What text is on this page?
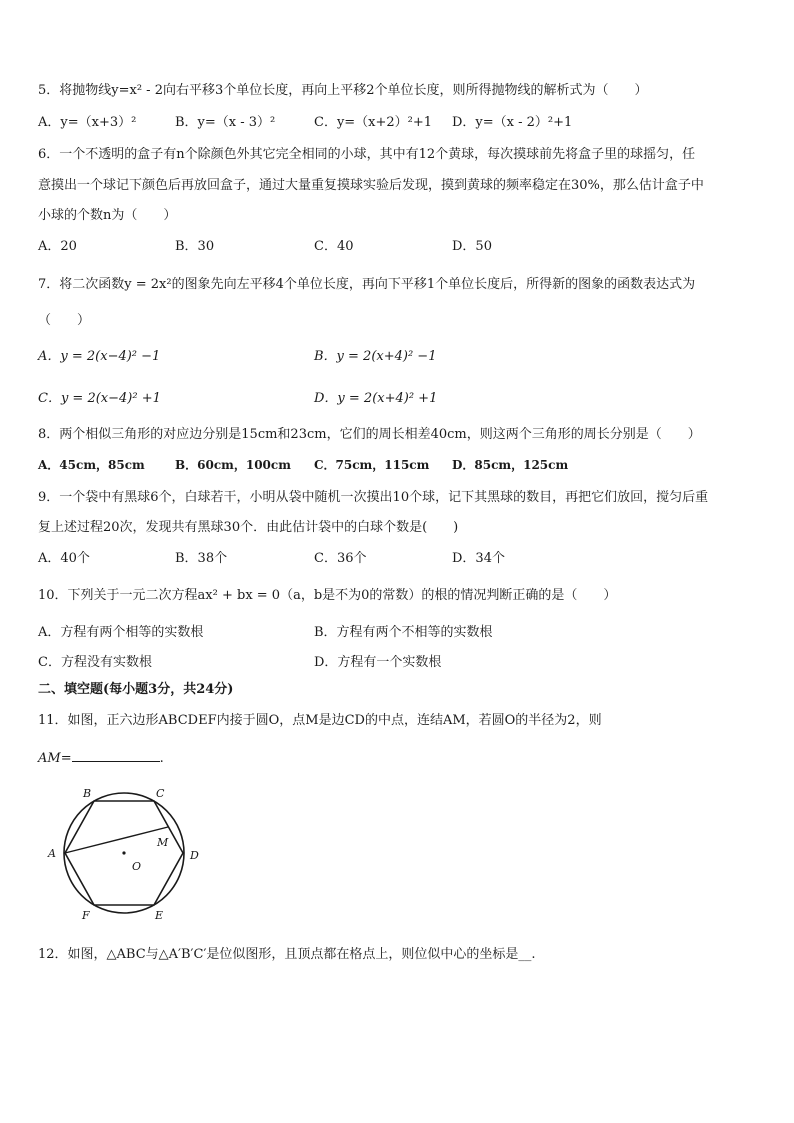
5．将抛物线y=x² - 2向右平移3个单位长度，再向上平移2个单位长度，则所得抛物线的解析式为（　　）
A．y=（x+3）²	B．y=（x - 3）²	C．y=（x+2）²+1 D．y=（x - 2）²+1
6．一个不透明的盒子有n个除颜色外其它完全相同的小球，其中有12个黄球，每次摸球前先将盒子里的球摇匀，任
意摸出一个球记下颜色后再放回盒子，通过大量重复摸球实验后发现，摸到黄球的频率稳定在30%，那么估计盒子中
小球的个数n为（　　）
A．20	B．30	C．40	D．50
7．将二次函数y = 2x²的图象先向左平移4个单位长度，再向下平移1个单位长度后，所得新的图象的函数表达式为
（　　）
A．y = 2(x−4)² −1	B．y = 2(x+4)² −1
C．y = 2(x−4)² +1	D．y = 2(x+4)² +1
8．两个相似三角形的对应边分别是15cm和23cm，它们的周长相差40cm，则这两个三角形的周长分别是（　　）
A．45cm，85cm	B．60cm，100cm C．75cm，115cm D．85cm，125cm
9．一个袋中有黑球6个，白球若干，小明从袋中随机一次摸出10个球，记下其黑球的数目，再把它们放回，搅匀后重
复上述过程20次，发现共有黑球30个．由此估计袋中的白球个数是(　　)
A．40个	B．38个	C．36个	D．34个
10．下列关于一元二次方程ax² + bx = 0（a，b是不为0的常数）的根的情况判断正确的是（　　）
A．方程有两个相等的实数根	B．方程有两个不相等的实数根
C．方程没有实数根	D．方程有一个实数根
二、填空题(每小题3分，共24分)
11．如图，正六边形ABCDEF内接于圆O，点M是边CD的中点，连结AM，若圆O的半径为2，则
AM=	.
B	C
A	D
M
O
F	E
12．如图，△ABC与△A′B′C′是位似图形，且顶点都在格点上，则位似中心的坐标是__.
